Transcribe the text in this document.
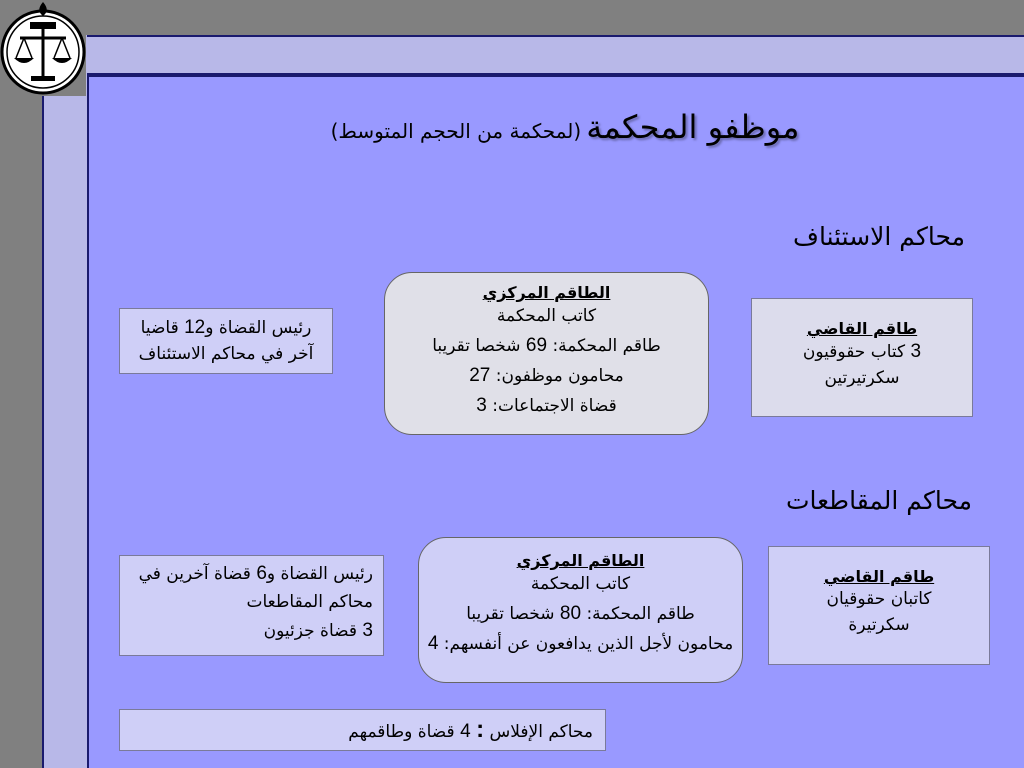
موظفو المحكمة (لمحكمة من الحجم المتوسط)
محاكم الاستئناف
طاقم القاضي
3 كتاب حقوقيون
سكرتيرتين
الطاقم المركزي
كاتب المحكمة
طاقم المحكمة: 69 شخصا تقريبا
محامون موظفون: 27
قضاة الاجتماعات: 3
رئيس القضاة و12 قاضيا
آخر في محاكم الاستئناف
محاكم المقاطعات
طاقم القاضي
كاتبان حقوقيان
سكرتيرة
الطاقم المركزي
كاتب المحكمة
طاقم المحكمة: 80 شخصا تقريبا
محامون لأجل الذين يدافعون عن أنفسهم: 4
رئيس القضاة و6 قضاة آخرين في
محاكم المقاطعات
3 قضاة جزئيون
محاكم الإفلاس : 4 قضاة وطاقمهم
